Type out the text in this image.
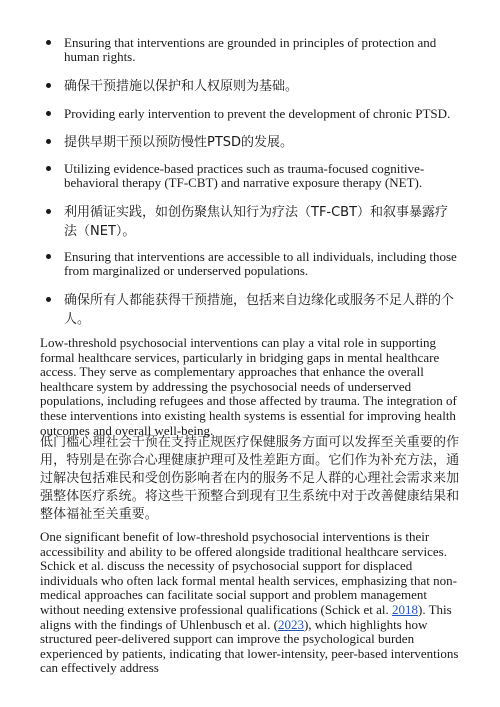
Ensuring that interventions are grounded in principles of protection and human rights.
确保干预措施以保护和人权原则为基础。
Providing early intervention to prevent the development of chronic PTSD.
提供早期干预以预防慢性PTSD的发展。
Utilizing evidence-based practices such as trauma-focused cognitive-behavioral therapy (TF-CBT) and narrative exposure therapy (NET).
利用循证实践，如创伤聚焦认知行为疗法（TF-CBT）和叙事暴露疗法（NET）。
Ensuring that interventions are accessible to all individuals, including those from marginalized or underserved populations.
确保所有人都能获得干预措施，包括来自边缘化或服务不足人群的个人。

Low-threshold psychosocial interventions can play a vital role in supporting formal healthcare services, particularly in bridging gaps in mental healthcare access. They serve as complementary approaches that enhance the overall healthcare system by addressing the psychosocial needs of underserved populations, including refugees and those affected by trauma. The integration of these interventions into existing health systems is essential for improving health outcomes and overall well-being.

低门槛心理社会干预在支持正规医疗保健服务方面可以发挥至关重要的作用，特别是在弥合心理健康护理可及性差距方面。它们作为补充方法，通过解决包括难民和受创伤影响者在内的服务不足人群的心理社会需求来加强整体医疗系统。将这些干预整合到现有卫生系统中对于改善健康结果和整体福祉至关重要。

One significant benefit of low-threshold psychosocial interventions is their accessibility and ability to be offered alongside traditional healthcare services. Schick et al. discuss the necessity of psychosocial support for displaced individuals who often lack formal mental health services, emphasizing that non-medical approaches can facilitate social support and problem management without needing extensive professional qualifications (Schick et al. 2018). This aligns with the findings of Uhlenbusch et al. (2023), which highlights how structured peer-delivered support can improve the psychological burden experienced by patients, indicating that lower-intensity, peer-based interventions can effectively address
